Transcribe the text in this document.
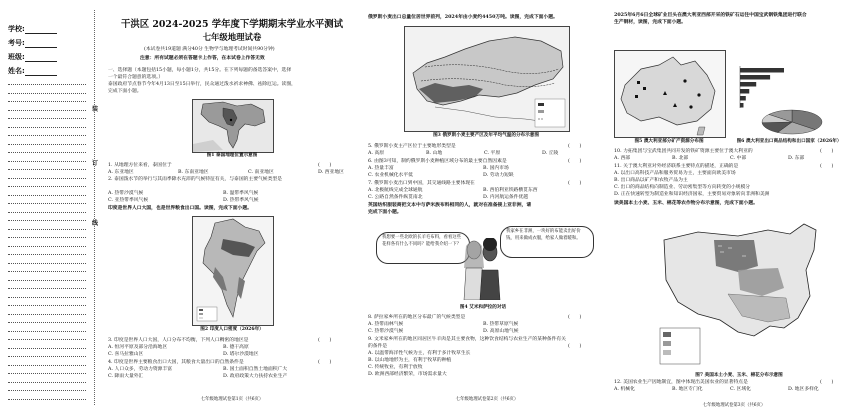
学校:
考号:
班级:
姓名:
装
订
线
干洪区 2024-2025 学年度下学期期末学业水平测试
七年级地理试卷
(本试卷共19道题 满分40分 生物学与地理考试时间共90分钟)
注意：所有试题必须在答题卡上作答，在本试卷上作答无效
一、选择题（本题包括15小题，每小题1分，共15分。在下列每题的备选答案中，选择
一个最符合题意的选项。）
泰国政府节点春节今年4月13日至15日举行，民众通过泼水祈求神佛、祛除厄运。读图，
完成下面小题。
图1 泰国地理位置示意图
1. 从地理方位来看，泰国位于	(　　)
A. 东亚地区	B. 东南亚地区	C. 南亚地区	D. 西亚地区
2. 泰国泼水节的举行与其雨季降水充沛的气候特征有关，与泰国的主要气候类型是
A. 热带沙漠气候	B. 温带季风气候
C. 亚热带季风气候	D. 热带季风气候
印度是世界人口大国，也是世界粮食出口国。读图，完成下面小题。
图2 印度人口密度（2026年）
3. 印度是世界人口大国，人口分布不均衡，下列人口稠密的地区是	(　　)
A. 恒河平原及部分沿海地区	B. 德干高原
C. 喜马拉雅山区	D. 塔尔沙漠地区
4. 印度是世界主要粮食出口大国，其粮食大量出口的自然条件是	(　　)
A. 人口众多，劳动力资源丰富	B. 国土面积自然土地面积广大
C. 降雨大量外汇	D. 政府政策大力扶持农业生产
七年级地理试卷第1页（共6页）
俄罗斯小麦出口总量位居世界前列，2024年由小麦约4450万吨。读图，完成下面小题。
图3 俄罗斯小麦主要产区及年平均气温的分布示意图
5. 俄罗斯小麦主产区位于主要地形类型是	(　　)
A. 高原	B. 山地	C. 平原	D. 丘陵
6. 由图3可知，制约俄罗斯小麦种植区域分布的最主要自然因素是	(　　)
A. 热量丰富	B. 国内市场
C. 农业机械化水平低	D. 劳动力短缺
7. 俄罗斯小麦出口到中国，其交通线路主要体现在	(　　)
A. 北极航线完成全球通航	B. 西伯利亚铁路横贯东西
C. 公路自然条件纵贯南北	D. 内河航运条件优越
英国纺织服装商把文本中与萨米族布料相同的人，就对在准备接上亚非洲，请
完成下面小题。
我想要一些北欧的长羊毛布料，看看这些花样各有什么不同吗？能给我介绍一下？
我家乡在非洲，一块好的布能卖出好价钱，用来做成衣服，给家人做着暖和。
图4 艾米和萨拉的对话
8. 萨拉家乡所在的地区分布最广的气候类型是	(　　)
A. 热带雨林气候	B. 热带草原气候
C. 热带沙漠气候	D. 高原山地气候
9. 文米家乡所在的地区同居区牛羊肉是其主要食物，这种饮食结构与农业生产的某种条件有关
的条件是	(　　)
A. 以温带海洋性气候为主，有利于多汁牧草生长
B. 以山地地形为主，有利于牧草的种植
C. 传统牧业，有利于放牧
D. 欧洲西部经济繁荣，市场需求量大
七年级地理试卷第2页（共6页）
2025年6月6日全球矿业巨头在澳大利亚西部开采的铁矿石运往中国宝武钢铁集团进行联合
生产钢材，读图，完成下面小题。
图5 澳大利亚部分矿产资源分布图	图6 澳大利亚出口商品结构和出口国家（2026年）
10. 力拓集团与宝武集团共同开发的铁矿资源主要位于澳大利亚的	(　　)
A. 西部	B. 北部	C. 中部	D. 东部
11. 关于澳大利亚对外经济联系主要特点的描述，正确的是	(　　)
A. 以出口高科技产品和服务贸易为主，主要面向欧美市场
B. 出口商品以矿产和农牧产品为主
C. 出口的商品结构向制造业、劳动密集型等方向转变的小规模分
D. 正在快速转型为制造业和知识经济国家，主要贸易对象转向非洲和美洲
读美国本土小麦、玉米、棉花等农作物分布示意图，完成下面小题。
图7 美国本土小麦、玉米、棉花分布示意图
12. 美国农业生产因地制宜，图中体现出美国农业的显著特点是	(　　)
A. 机械化	B. 地区专门化	C. 区域化	D. 地区多样化
七年级地理试卷第3页（共6页）
